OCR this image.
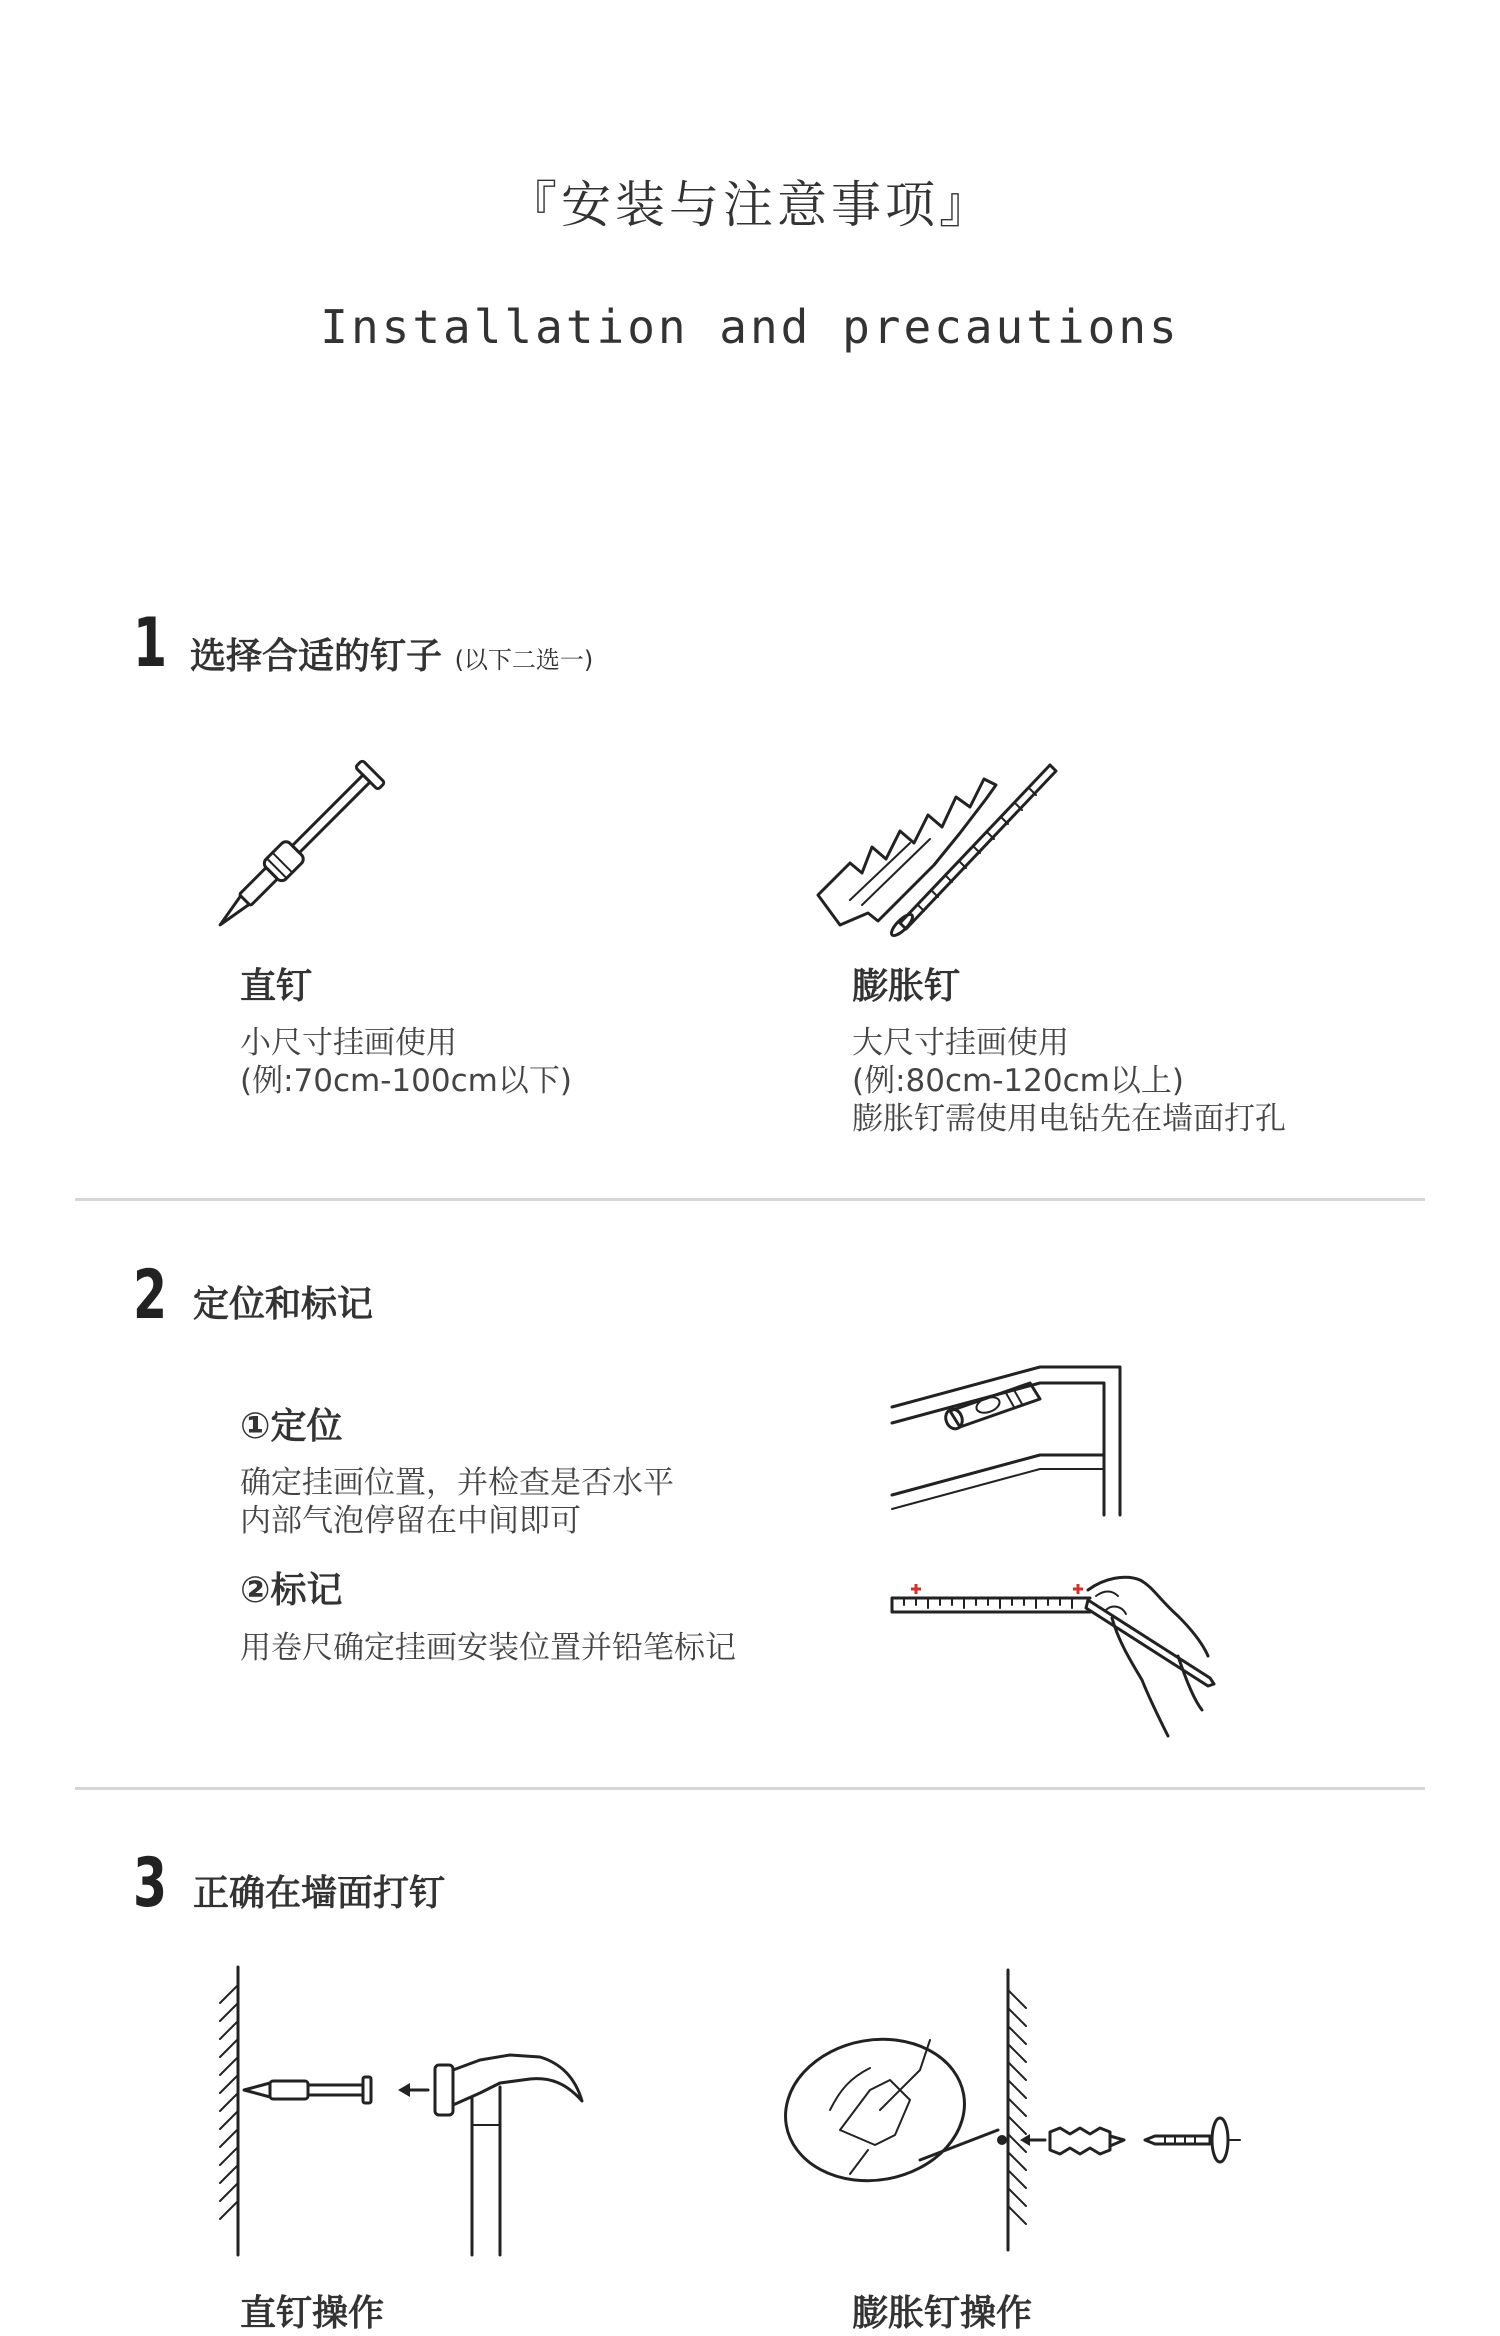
『安装与注意事项』
Installation and precautions
1 选择合适的钉子 (以下二选一)
直钉
小尺寸挂画使用
(例:70cm-100cm以下)
膨胀钉
大尺寸挂画使用
(例:80cm-120cm以上)
膨胀钉需使用电钻先在墙面打孔
2 定位和标记
①定位
确定挂画位置，并检查是否水平
内部气泡停留在中间即可
②标记
用卷尺确定挂画安装位置并铅笔标记
3 正确在墙面打钉
直钉操作	膨胀钉操作
